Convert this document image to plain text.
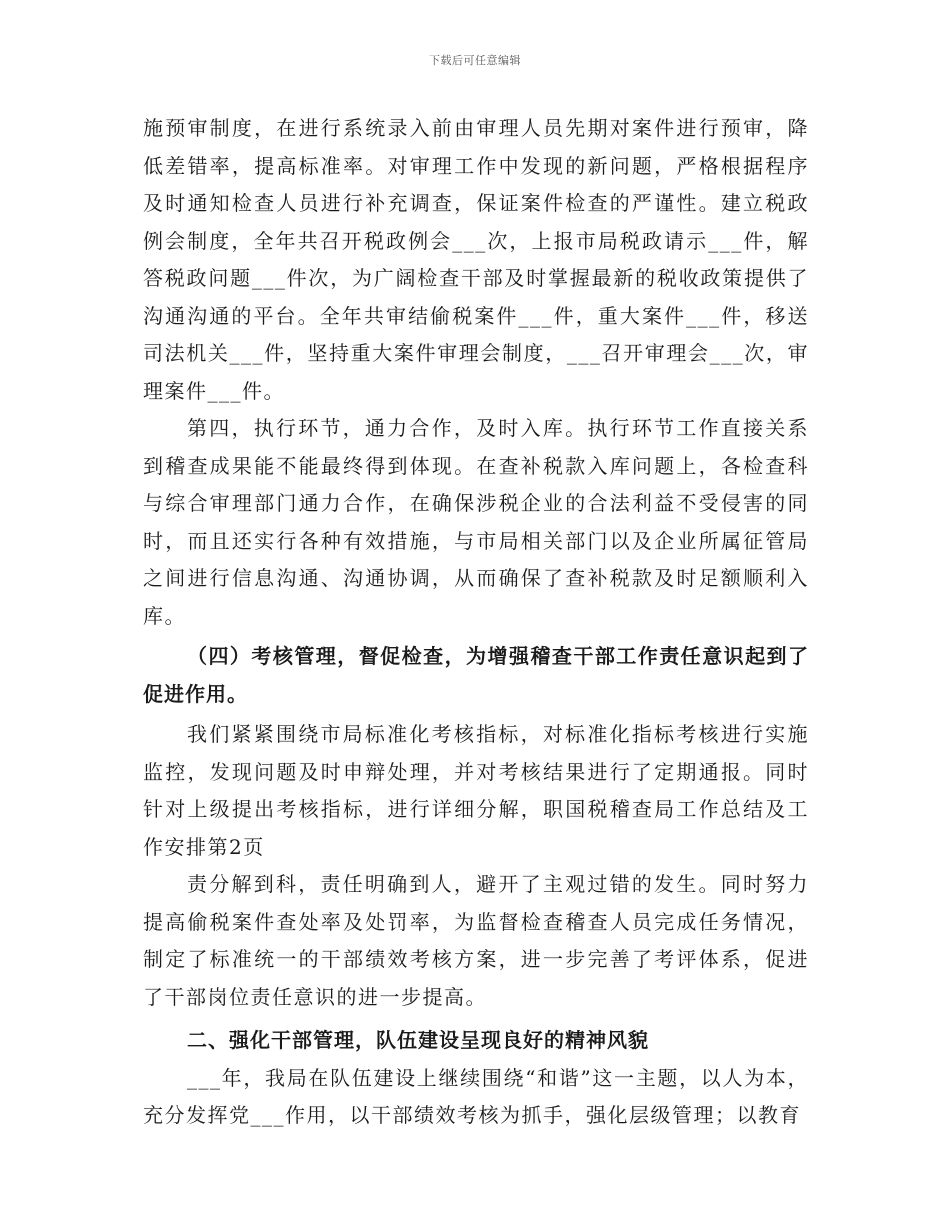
下载后可任意编辑

施预审制度，在进行系统录入前由审理人员先期对案件进行预审，降低差错率，提高标准率。对审理工作中发现的新问题，严格根据程序及时通知检查人员进行补充调查，保证案件检查的严谨性。建立税政例会制度，全年共召开税政例会___次，上报市局税政请示___件，解答税政问题___件次，为广阔检查干部及时掌握最新的税收政策提供了沟通沟通的平台。全年共审结偷税案件___件，重大案件___件，移送司法机关___件，坚持重大案件审理会制度，___召开审理会___次，审理案件___件。

第四，执行环节，通力合作，及时入库。执行环节工作直接关系到稽查成果能不能最终得到体现。在查补税款入库问题上，各检查科与综合审理部门通力合作，在确保涉税企业的合法利益不受侵害的同时，而且还实行各种有效措施，与市局相关部门以及企业所属征管局之间进行信息沟通、沟通协调，从而确保了查补税款及时足额顺利入库。

（四）考核管理，督促检查，为增强稽查干部工作责任意识起到了促进作用。

我们紧紧围绕市局标准化考核指标，对标准化指标考核进行实施监控，发现问题及时申辩处理，并对考核结果进行了定期通报。同时针对上级提出考核指标，进行详细分解，职国税稽查局工作总结及工作安排第2页

责分解到科，责任明确到人，避开了主观过错的发生。同时努力提高偷税案件查处率及处罚率，为监督检查稽查人员完成任务情况，制定了标准统一的干部绩效考核方案，进一步完善了考评体系，促进了干部岗位责任意识的进一步提高。

二、强化干部管理，队伍建设呈现良好的精神风貌

___年，我局在队伍建设上继续围绕“和谐”这一主题，以人为本，充分发挥党___作用，以干部绩效考核为抓手，强化层级管理；以教育
